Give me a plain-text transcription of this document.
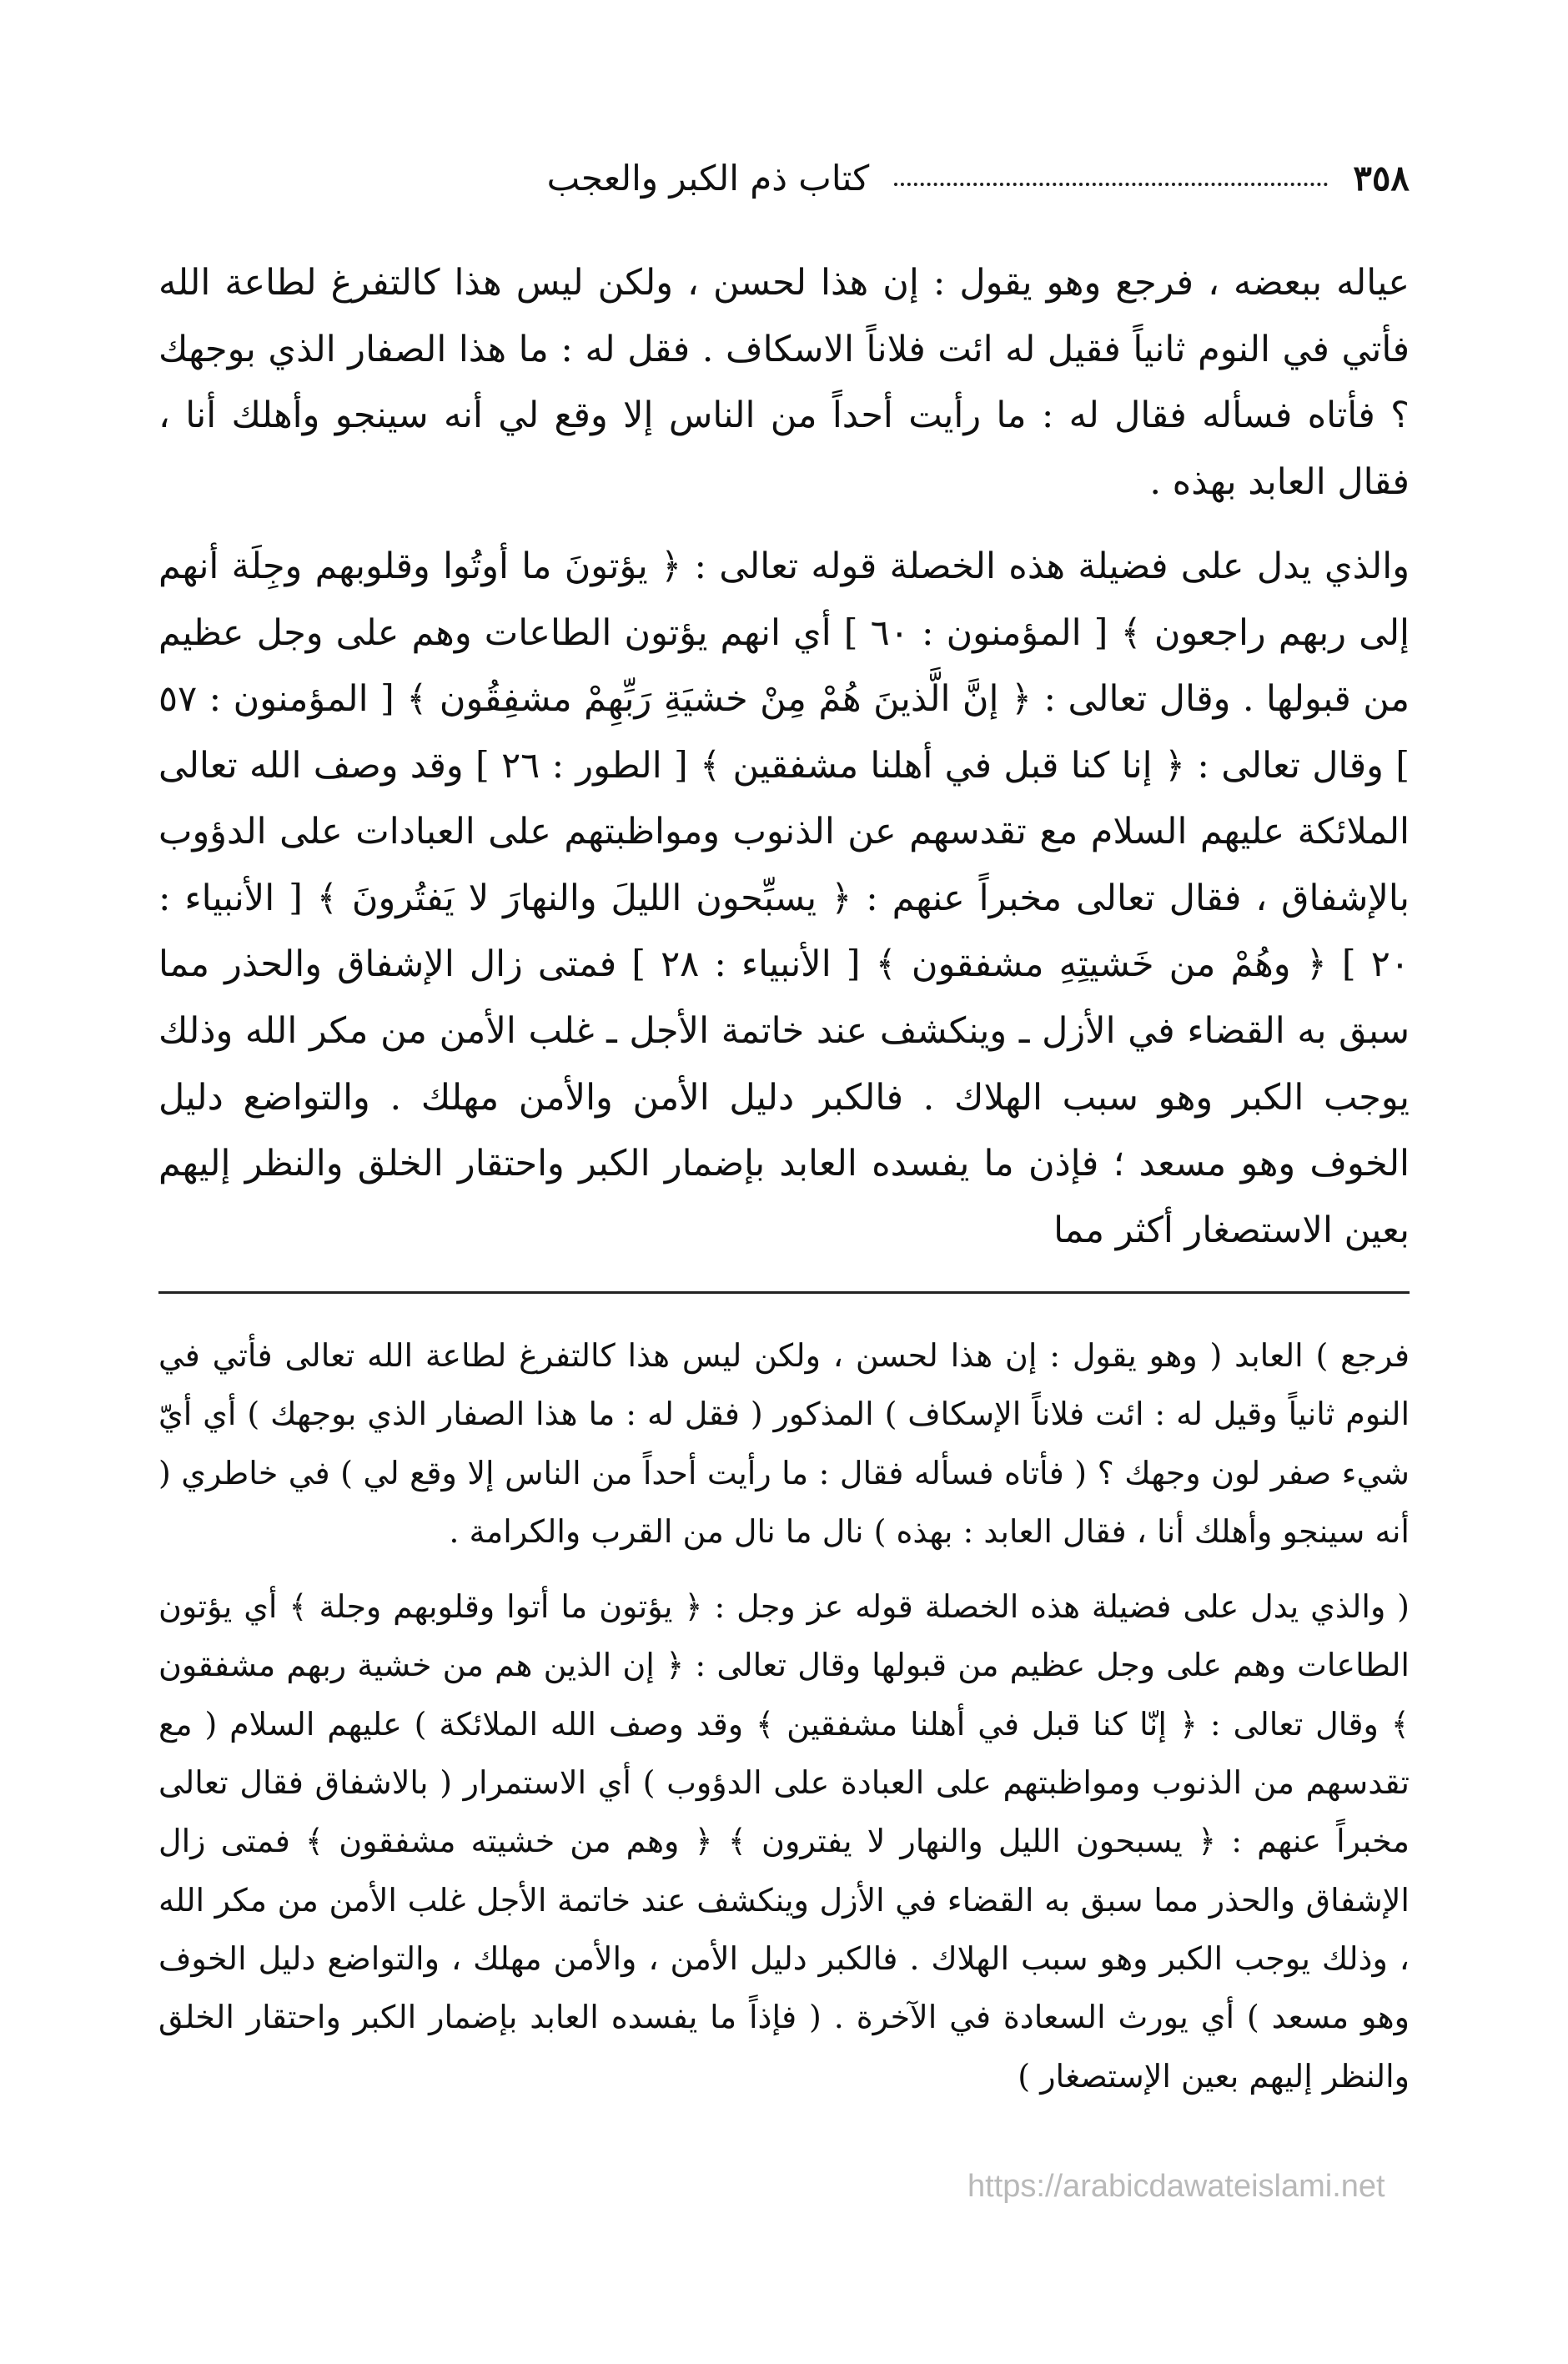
٣٥٨
كتاب ذم الكبر والعجب

عياله ببعضه ، فرجع وهو يقول : إن هذا لحسن ، ولكن ليس هذا كالتفرغ لطاعة الله فأتي في النوم ثانياً فقيل له ائت فلاناً الاسكاف . فقل له : ما هذا الصفار الذي بوجهك ؟ فأتاه فسأله فقال له : ما رأيت أحداً من الناس إلا وقع لي أنه سينجو وأهلك أنا ، فقال العابد بهذه .

والذي يدل على فضيلة هذه الخصلة قوله تعالى : ﴿ يؤتونَ ما أوتُوا وقلوبهم وجِلَة أنهم إلى ربهم راجعون ﴾ [ المؤمنون : ٦٠ ] أي انهم يؤتون الطاعات وهم على وجل عظيم من قبولها . وقال تعالى : ﴿ إنَّ الَّذينَ هُمْ مِنْ خشيَةِ رَبِّهِمْ مشفِقُون ﴾ [ المؤمنون : ٥٧ ] وقال تعالى : ﴿ إنا كنا قبل في أهلنا مشفقين ﴾ [ الطور : ٢٦ ] وقد وصف الله تعالى الملائكة عليهم السلام مع تقدسهم عن الذنوب ومواظبتهم على العبادات على الدؤوب بالإشفاق ، فقال تعالى مخبراً عنهم : ﴿ يسبِّحون الليلَ والنهارَ لا يَفتُرونَ ﴾ [ الأنبياء : ٢٠ ] ﴿ وهُمْ من خَشيتِهِ مشفقون ﴾ [ الأنبياء : ٢٨ ] فمتى زال الإشفاق والحذر مما سبق به القضاء في الأزل ـ وينكشف عند خاتمة الأجل ـ غلب الأمن من مكر الله وذلك يوجب الكبر وهو سبب الهلاك . فالكبر دليل الأمن والأمن مهلك . والتواضع دليل الخوف وهو مسعد ؛ فإذن ما يفسده العابد بإضمار الكبر واحتقار الخلق والنظر إليهم بعين الاستصغار أكثر مما

فرجع ) العابد ( وهو يقول : إن هذا لحسن ، ولكن ليس هذا كالتفرغ لطاعة الله تعالى فأتي في النوم ثانياً وقيل له : ائت فلاناً الإسكاف ) المذكور ( فقل له : ما هذا الصفار الذي بوجهك ) أي أيّ شيء صفر لون وجهك ؟ ( فأتاه فسأله فقال : ما رأيت أحداً من الناس إلا وقع لي ) في خاطري ( أنه سينجو وأهلك أنا ، فقال العابد : بهذه ) نال ما نال من القرب والكرامة .

( والذي يدل على فضيلة هذه الخصلة قوله عز وجل : ﴿ يؤتون ما أتوا وقلوبهم وجلة ﴾ أي يؤتون الطاعات وهم على وجل عظيم من قبولها وقال تعالى : ﴿ إن الذين هم من خشية ربهم مشفقون ﴾ وقال تعالى : ﴿ إنّا كنا قبل في أهلنا مشفقين ﴾ وقد وصف الله الملائكة ) عليهم السلام ( مع تقدسهم من الذنوب ومواظبتهم على العبادة على الدؤوب ) أي الاستمرار ( بالاشفاق فقال تعالى مخبراً عنهم : ﴿ يسبحون الليل والنهار لا يفترون ﴾ ﴿ وهم من خشيته مشفقون ﴾ فمتى زال الإشفاق والحذر مما سبق به القضاء في الأزل وينكشف عند خاتمة الأجل غلب الأمن من مكر الله ، وذلك يوجب الكبر وهو سبب الهلاك . فالكبر دليل الأمن ، والأمن مهلك ، والتواضع دليل الخوف وهو مسعد ) أي يورث السعادة في الآخرة . ( فإذاً ما يفسده العابد بإضمار الكبر واحتقار الخلق والنظر إليهم بعين الإستصغار )

https://arabicdawateislami.net
